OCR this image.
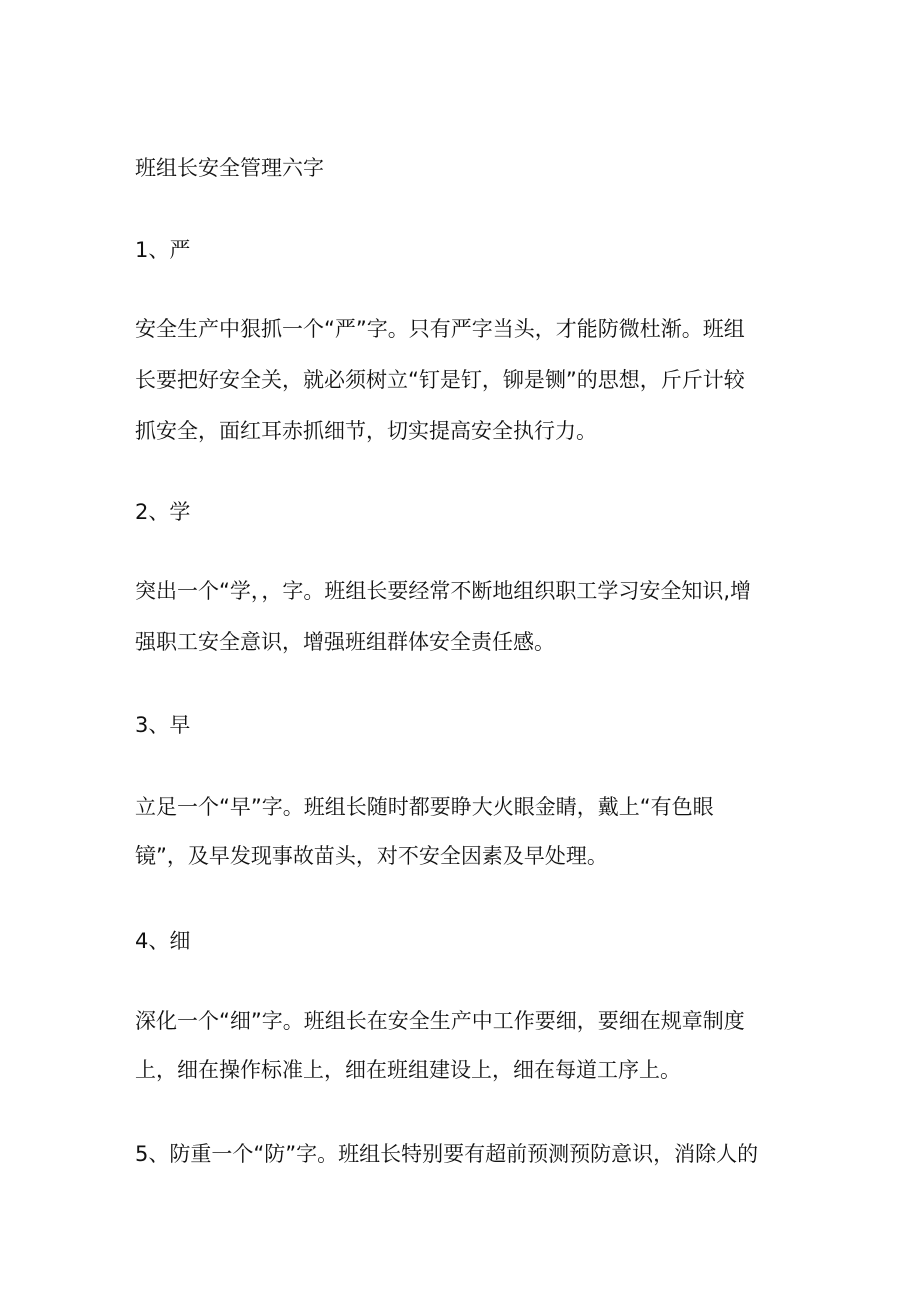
班组长安全管理六字
1、严
安全生产中狠抓一个“严”字。只有严字当头，才能防微杜渐。班组
长要把好安全关，就必须树立“钉是钉，铆是铡”的思想，斤斤计较
抓安全，面红耳赤抓细节，切实提高安全执行力。
2、学
突出一个“学，，字。班组长要经常不断地组织职工学习安全知识,增
强职工安全意识，增强班组群体安全责任感。
3、早
立足一个“早”字。班组长随时都要睁大火眼金睛，戴上“有色眼
镜”，及早发现事故苗头，对不安全因素及早处理。
4、细
深化一个“细”字。班组长在安全生产中工作要细，要细在规章制度
上，细在操作标准上，细在班组建设上，细在每道工序上。
5、防重一个“防”字。班组长特别要有超前预测预防意识，消除人的
